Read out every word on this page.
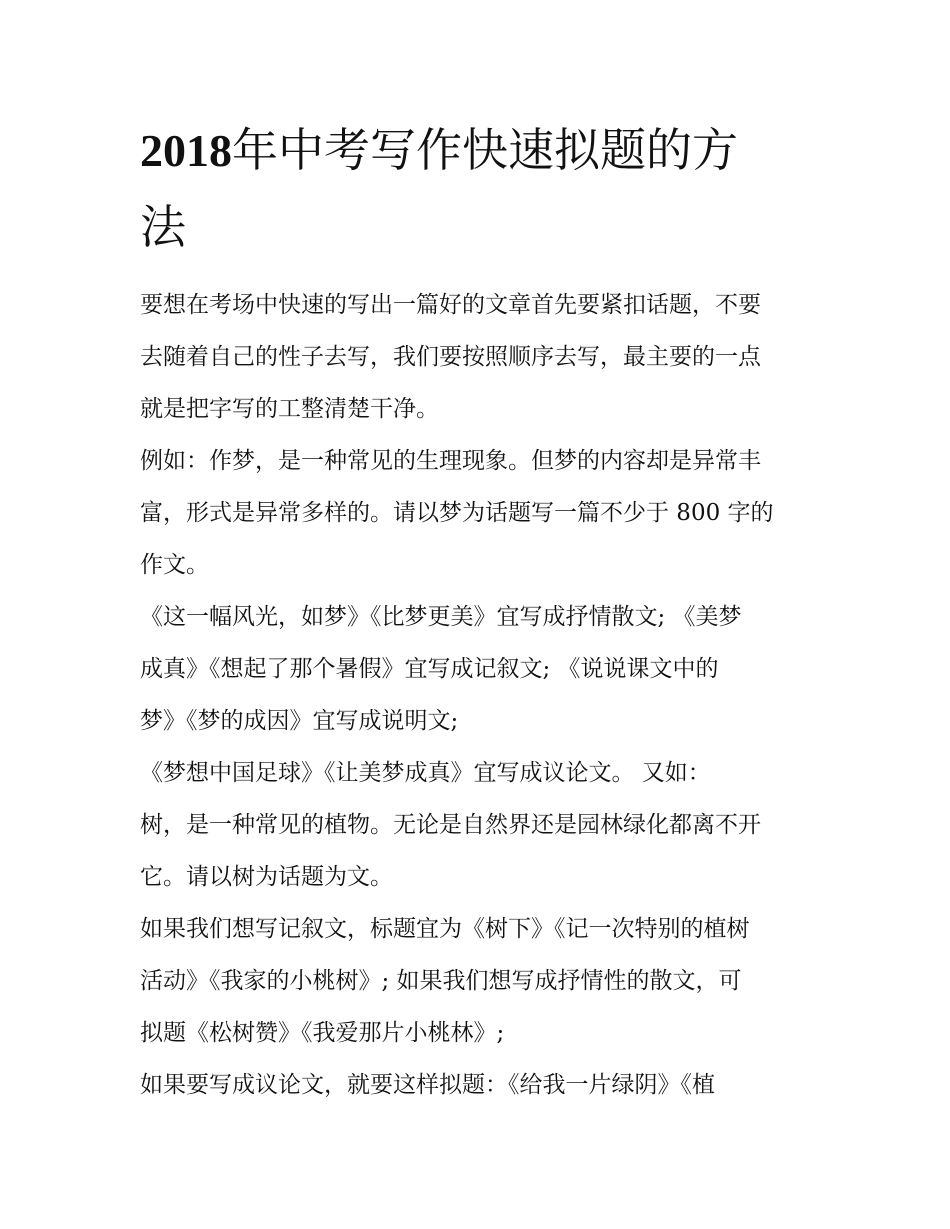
2018年中考写作快速拟题的方
法
要想在考场中快速的写出一篇好的文章首先要紧扣话题，不要
去随着自己的性子去写，我们要按照顺序去写，最主要的一点
就是把字写的工整清楚干净。
例如：作梦，是一种常见的生理现象。但梦的内容却是异常丰
富，形式是异常多样的。请以梦为话题写一篇不少于 800 字的
作文。
《这一幅风光，如梦》《比梦更美》宜写成抒情散文; 《美梦
成真》《想起了那个暑假》宜写成记叙文; 《说说课文中的
梦》《梦的成因》宜写成说明文;
《梦想中国足球》《让美梦成真》宜写成议论文。 又如：
树，是一种常见的植物。无论是自然界还是园林绿化都离不开
它。请以树为话题为文。
如果我们想写记叙文，标题宜为《树下》《记一次特别的植树
活动》《我家的小桃树》; 如果我们想写成抒情性的散文，可
拟题《松树赞》《我爱那片小桃林》;
如果要写成议论文，就要这样拟题：《给我一片绿阴》《植
